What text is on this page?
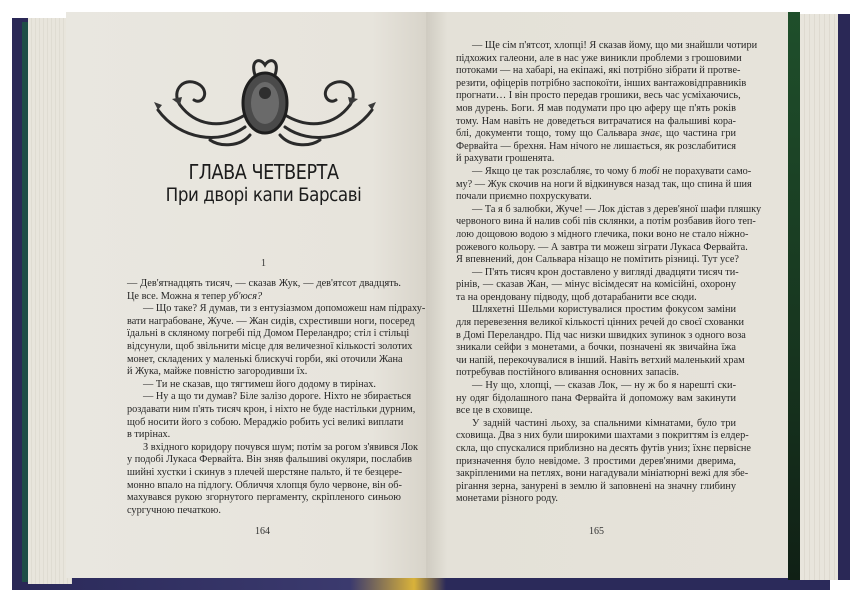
ГЛАВА ЧЕТВЕРТА
При дворі капи Барсаві
1
— Дев'ятнадцять тисяч, — сказав Жук, — дев'ятсот двадцять.
Це все. Можна я тепер уб'юся?
— Що таке? Я думав, ти з ентузіазмом допоможеш нам підраху-
вати награбоване, Жуче. — Жан сидів, схрестивши ноги, посеред
їдальні в скляному погребі під Домом Переландро; стіл і стільці
відсунули, щоб звільнити місце для величезної кількості золотих
монет, складених у маленькі блискучі горби, які оточили Жана
й Жука, майже повністю загородивши їх.
— Ти не сказав, що тягтимеш його додому в тирінах.
— Ну а що ти думав? Біле залізо дороге. Ніхто не збирається
роздавати ним п'ять тисяч крон, і ніхто не буде настільки дурним,
щоб носити його з собою. Мераджіо робить усі великі виплати
в тирінах.
З вхідного коридору почувся шум; потім за рогом з'явився Лок
у подобі Лукаса Фервайта. Він зняв фальшиві окуляри, послабив
шийні хустки і скинув з плечей шерстяне пальто, й те безцере-
монно впало на підлогу. Обличчя хлопця було червоне, він об-
махувався рукою згорнутого пергаменту, скріпленого синьою
сургучною печаткою.
— Ще сім п'ятсот, хлопці! Я сказав йому, що ми знайшли чотири
підхожих галеони, але в нас уже виникли проблеми з грошовими
потоками — на хабарі, на екіпажі, які потрібно зібрати й протве-
резити, офіцерів потрібно заспокоїти, інших вантажовідправників
прогнати… І він просто передав грошики, весь час усміхаючись,
мов дурень. Боги. Я мав подумати про цю аферу ще п'ять років
тому. Нам навіть не доведеться витрачатися на фальшиві кора-
блі, документи тощо, тому що Сальвара знає, що частина гри
Фервайта — брехня. Нам нічого не лишається, як розслабитися
й рахувати грошенята.
— Якщо це так розслабляє, то чому б тобі не порахувати само-
му? — Жук скочив на ноги й відкинувся назад так, що спина й шия
почали приємно похрускувати.
— Та я б залюбки, Жуче! — Лок дістав з дерев'яної шафи пляшку
червоного вина й налив собі пів склянки, а потім розбавив його теп-
лою дощовою водою з мідного глечика, поки воно не стало ніжно-
рожевого кольору. — А завтра ти можеш зіграти Лукаса Фервайта.
Я впевнений, дон Сальвара нізащо не помітить різниці. Тут усе?
— П'ять тисяч крон доставлено у вигляді двадцяти тисяч ти-
рінів, — сказав Жан, — мінус вісімдесят на комісійні, охорону
та на орендовану підводу, щоб дотарабанити все сюди.
Шляхетні Шельми користувалися простим фокусом заміни
для перевезення великої кількості цінних речей до своєї схованки
в Домі Переландро. Під час низки швидких зупинок з одного воза
зникали сейфи з монетами, а бочки, позначені як звичайна їжа
чи напій, перекочувалися в інший. Навіть ветхий маленький храм
потребував постійного вливання основних запасів.
— Ну що, хлопці, — сказав Лок, — ну ж бо я нарешті ски-
ну одяг бідолашного пана Фервайта й допоможу вам закинути
все це в сховище.
У задній частині льоху, за спальними кімнатами, було три
сховища. Два з них були широкими шахтами з покриттям із елдер-
скла, що спускалися приблизно на десять футів униз; їхнє первісне
призначення було невідоме. З простими дерев'яними дверима,
закріпленими на петлях, вони нагадували мініатюрні вежі для збе-
рігання зерна, занурені в землю й заповнені на значну глибину
монетами різного роду.
164	165
